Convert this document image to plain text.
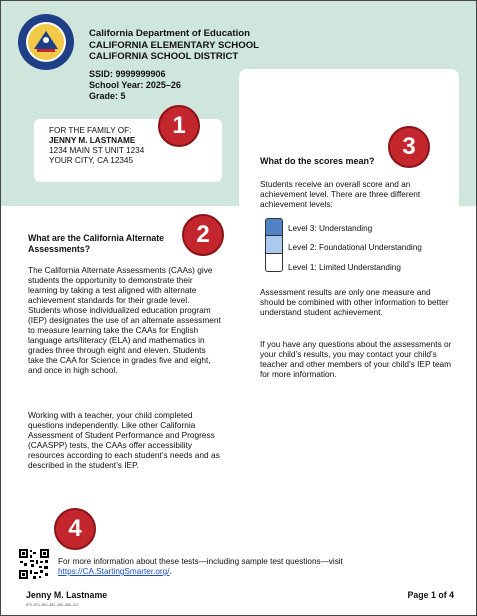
California Department of Education
CALIFORNIA ELEMENTARY SCHOOL
CALIFORNIA SCHOOL DISTRICT
SSID: 9999999906
School Year: 2025–26
Grade: 5
FOR THE FAMILY OF:
JENNY M. LASTNAME
1234 MAIN ST UNIT 1234
YOUR CITY, CA 12345
1
2
3
What do the scores mean?
Students receive an overall score and an achievement level. There are three different achievement levels:
Level 3: Understanding
Level 2: Foundational Understanding
Level 1: Limited Understanding
Assessment results are only one measure and should be combined with other information to better understand student achievement.
If you have any questions about the assessments or your child’s results, you may contact your child’s teacher and other members of your child’s IEP team for more information.
What are the California Alternate Assessments?
The California Alternate Assessments (CAAs) give students the opportunity to demonstrate their learning by taking a test aligned with alternate achievement standards for their grade level. Students whose individualized education program (IEP) designates the use of an alternate assessment to measure learning take the CAAs for English language arts/literacy (ELA) and mathematics in grades three through eight and eleven. Students take the CAA for Science in grades five and eight, and once in high school.
Working with a teacher, your child completed questions independently. Like other California Assessment of Student Performance and Progress (CAASPP) tests, the CAAs offer accessibility resources according to each student’s needs and as described in the student’s IEP.
4
For more information about these tests—including sample test questions—visit
https://CA.StartingSmarter.org/.
Jenny M. Lastname
870–970–552–482–460–356–247
Page 1 of 4
